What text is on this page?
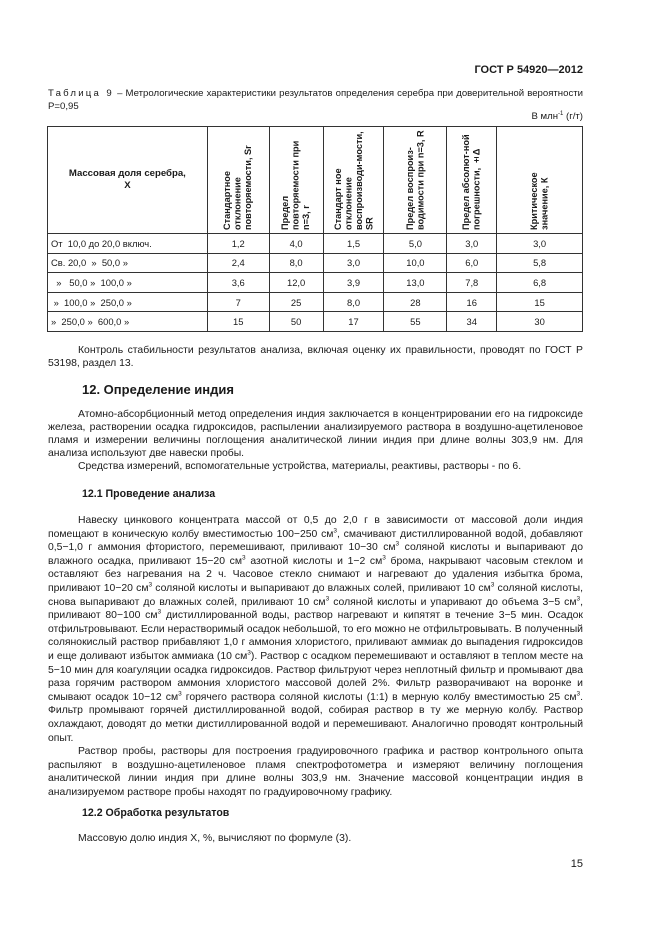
ГОСТ Р 54920—2012
Таблица 9 – Метрологические характеристики результатов определения серебра при доверительной вероятности Р=0,95
В млн$^{-1}$ (г/т)
Массовая доля серебра,
Х	Стандартное отклонение повторяемости, Sr	Предел повторяемости при n=3, r	Стандарт ное отклонение воспроизводи-мости, SR	Предел воспроиз-водимости при n=3, R	Предел абсолют-ной погрешности, ±Δ	Критическое значение, К

От  10,0 до 20,0 включ.	1,2	4,0	1,5	5,0	3,0	3,0
Св. 20,0  »  50,0 »	2,4	8,0	3,0	10,0	6,0	5,8
»   50,0 »  100,0 »	3,6	12,0	3,9	13,0	7,8	6,8
»  100,0 »  250,0 »	7	25	8,0	28	16	15
»  250,0 »  600,0 »	15	50	17	55	34	30

Контроль стабильности результатов анализа, включая оценку их правильности, проводят по ГОСТ Р 53198, раздел 13.

12. Определение индия

Атомно-абсорбционный метод определения индия заключается в концентрировании его на гидроксиде железа, растворении осадка гидроксидов, распылении анализируемого раствора в воздушно-ацетиленовое пламя и измерении величины поглощения аналитической линии индия при длине волны 303,9 нм. Для анализа используют две навески пробы.

Средства измерений, вспомогательные устройства, материалы, реактивы, растворы - по 6.

12.1 Проведение анализа

Навеску цинкового концентрата массой от 0,5 до 2,0 г в зависимости от массовой доли индия помещают в коническую колбу вместимостью 100−250 $см^3$, смачивают дистиллированной водой, добавляют 0,5−1,0 г аммония фтористого, перемешивают, приливают 10−30 $см^3$ соляной кислоты и выпаривают до влажного осадка, приливают 15−20 $см^3$ азотной кислоты и 1−2 $см^3$ брома, накрывают часовым стеклом и оставляют без нагревания на 2 ч. Часовое стекло снимают и нагревают до удаления избытка брома, приливают 10−20 $см^3$ соляной кислоты и выпаривают до влажных солей, приливают 10 $см^3$ соляной кислоты, снова выпаривают до влажных солей, приливают 10 $см^3$ соляной кислоты и упаривают до объема 3−5 $см^3$, приливают 80−100 $см^3$ дистиллированной воды, раствор нагревают и кипятят в течение 3−5 мин. Осадок отфильтровывают. Если нерастворимый осадок небольшой, то его можно не отфильтровывать. В полученный солянокислый раствор прибавляют 1,0 г аммония хлористого, приливают аммиак до выпадения гидроксидов и еще доливают избыток аммиака (10 $см^3$). Раствор с осадком перемешивают и оставляют в теплом месте на 5−10 мин для коагуляции осадка гидроксидов. Раствор фильтруют через неплотный фильтр и промывают два раза горячим раствором аммония хлористого массовой долей 2%. Фильтр разворачивают на воронке и смывают осадок 10−12 $см^3$ горячего раствора соляной кислоты (1:1) в мерную колбу вместимостью 25 $см^3$. Фильтр промывают горячей дистиллированной водой, собирая раствор в ту же мерную колбу. Раствор охлаждают, доводят до метки дистиллированной водой и перемешивают. Аналогично проводят контрольный опыт.

Раствор пробы, растворы для построения градуировочного графика и раствор контрольного опыта распыляют в воздушно-ацетиленовое пламя спектрофотометра и измеряют величину поглощения аналитической линии индия при длине волны 303,9 нм. Значение массовой концентрации индия в анализируемом растворе пробы находят по градуировочному графику.

12.2 Обработка результатов

Массовую долю индия Х, %, вычисляют по формуле (3).

15
